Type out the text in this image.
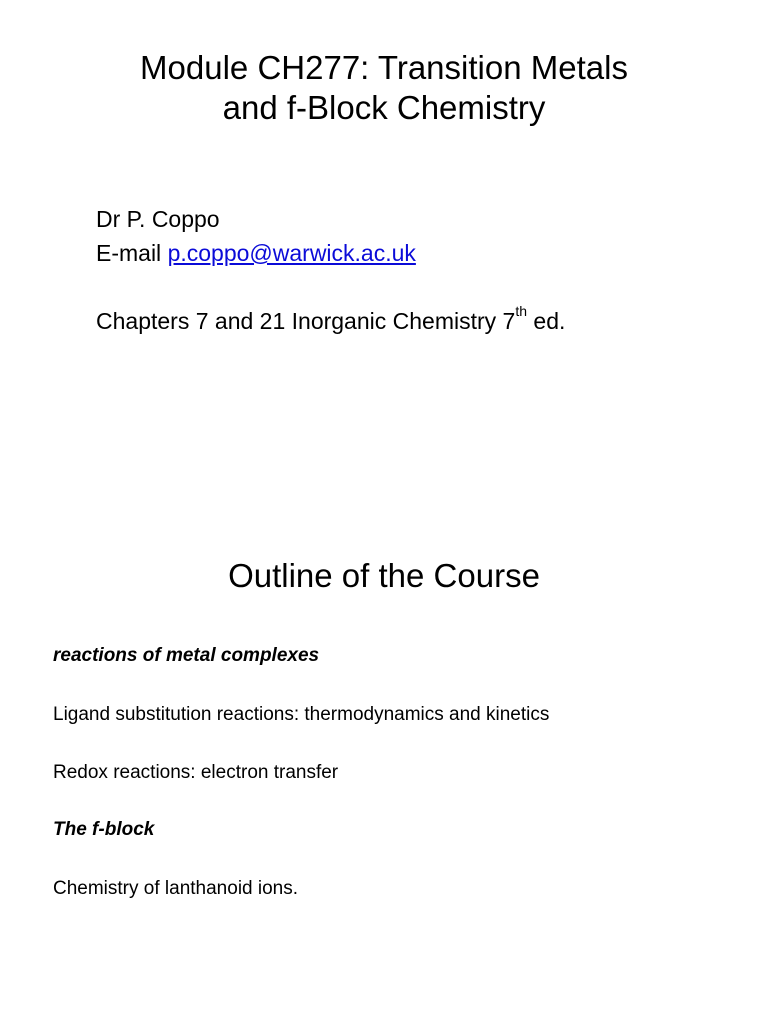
Module CH277: Transition Metals
and f-Block Chemistry
Dr P. Coppo
E-mail p.coppo@warwick.ac.uk
Chapters 7 and 21 Inorganic Chemistry 7th ed.
Outline of the Course
reactions of metal complexes
Ligand substitution reactions: thermodynamics and kinetics
Redox reactions: electron transfer
The f-block
Chemistry of lanthanoid ions.
